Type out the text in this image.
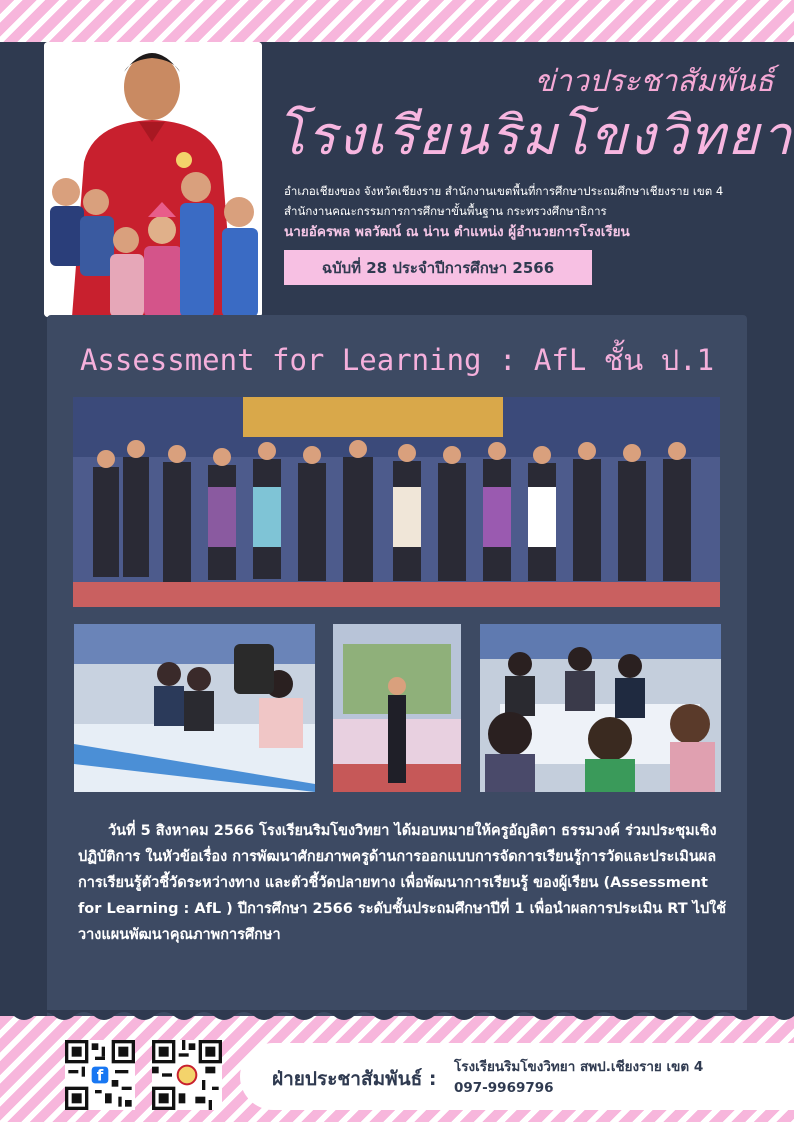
ข่าวประชาสัมพันธ์
โรงเรียนริมโขงวิทยา
อำเภอเชียงของ จังหวัดเชียงราย สำนักงานเขตพื้นที่การศึกษาประถมศึกษาเชียงราย เขต 4
สำนักงานคณะกรรมการการศึกษาขั้นพื้นฐาน กระทรวงศึกษาธิการ
นายอัครพล พลวัฒน์ ณ น่าน ตำแหน่ง ผู้อำนวยการโรงเรียน
ฉบับที่ 28 ประจำปีการศึกษา 2566
Assessment for Learning : AfL ชั้น ป.1
วันที่ 5 สิงหาคม 2566 โรงเรียนริมโขงวิทยา ได้มอบหมายให้ครูอัญลิตา ธรรมวงค์ ร่วมประชุมเชิงปฏิบัติการ ในหัวข้อเรื่อง การพัฒนาศักยภาพครูด้านการออกแบบการจัดการเรียนรู้การวัดและประเมินผลการเรียนรู้ตัวชี้วัดระหว่างทาง และตัวชี้วัดปลายทาง เพื่อพัฒนาการเรียนรู้ ของผู้เรียน (Assessment for Learning : AfL ) ปีการศึกษา 2566 ระดับชั้นประถมศึกษาปีที่ 1 เพื่อนำผลการประเมิน RT ไปใช้วางแผนพัฒนาคุณภาพการศึกษา
f	ฝ่ายประชาสัมพันธ์ :
โรงเรียนริมโขงวิทยา สพป.เชียงราย เขต 4
097-9969796
